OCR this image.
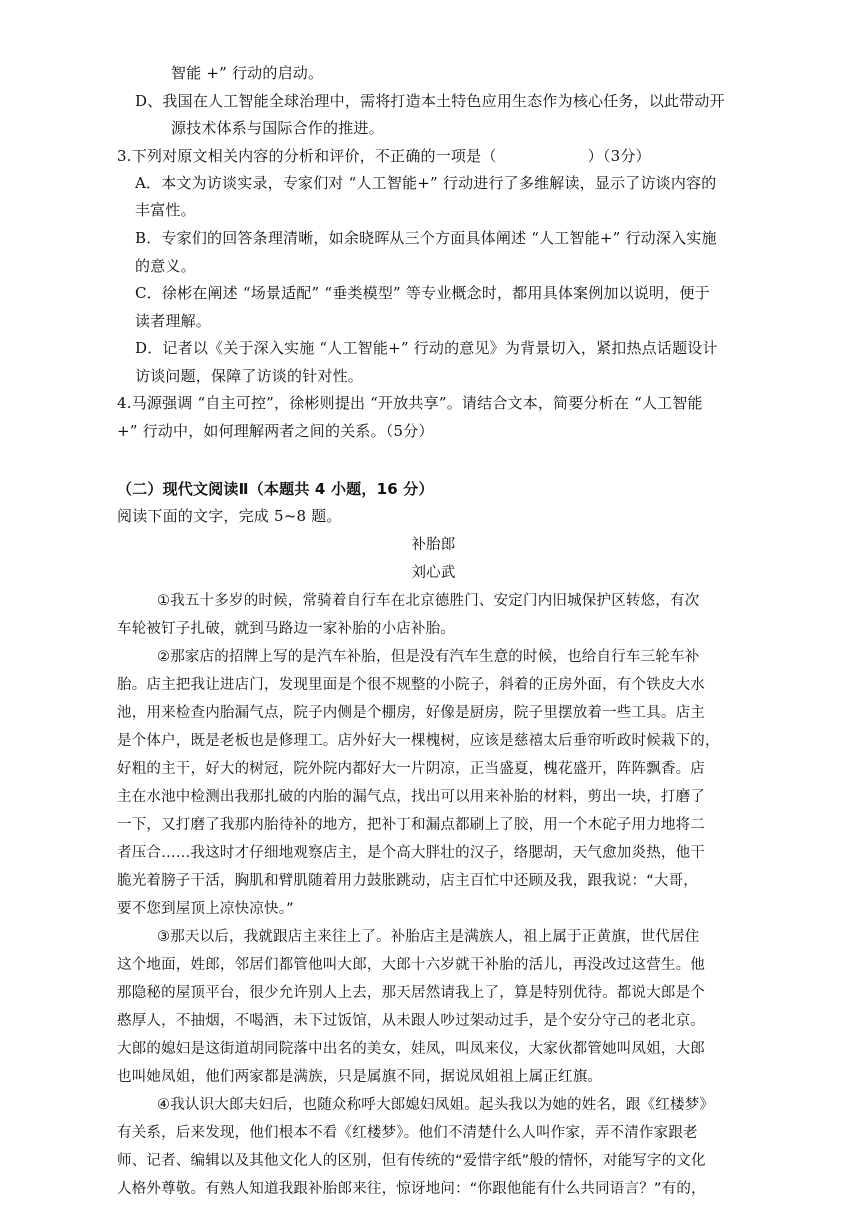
智能 +” 行动的启动。
D、我国在人工智能全球治理中，需将打造本土特色应用生态作为核心任务，以此带动开
源技术体系与国际合作的推进。
3.下列对原文相关内容的分析和评价，不正确的一项是（　　　　　　）（3分）
A．本文为访谈实录，专家们对 “人工智能+” 行动进行了多维解读，显示了访谈内容的
丰富性。
B．专家们的回答条理清晰，如余晓晖从三个方面具体阐述 “人工智能+” 行动深入实施
的意义。
C．徐彬在阐述 “场景适配” “垂类模型” 等专业概念时，都用具体案例加以说明，便于
读者理解。
D．记者以《关于深入实施 “人工智能+” 行动的意见》为背景切入，紧扣热点话题设计
访谈问题，保障了访谈的针对性。
4.马源强调 “自主可控”，徐彬则提出 “开放共享”。请结合文本，简要分析在 “人工智能
+” 行动中，如何理解两者之间的关系。（5分）
（二）现代文阅读Ⅱ（本题共 4 小题，16 分）
阅读下面的文字，完成 5~8 题。
补胎郎
刘心武
①我五十多岁的时候，常骑着自行车在北京德胜门、安定门内旧城保护区转悠，有次
车轮被钉子扎破，就到马路边一家补胎的小店补胎。
②那家店的招牌上写的是汽车补胎，但是没有汽车生意的时候，也给自行车三轮车补
胎。店主把我让进店门，发现里面是个很不规整的小院子，斜着的正房外面，有个铁皮大水
池，用来检查内胎漏气点，院子内侧是个棚房，好像是厨房，院子里摆放着一些工具。店主
是个体户，既是老板也是修理工。店外好大一棵槐树，应该是慈禧太后垂帘听政时候栽下的，
好粗的主干，好大的树冠，院外院内都好大一片阴凉，正当盛夏，槐花盛开，阵阵飘香。店
主在水池中检测出我那扎破的内胎的漏气点，找出可以用来补胎的材料，剪出一块，打磨了
一下，又打磨了我那内胎待补的地方，把补丁和漏点都刷上了胶，用一个木砣子用力地将二
者压合……我这时才仔细地观察店主，是个高大胖壮的汉子，络腮胡，天气愈加炎热，他干
脆光着膀子干活，胸肌和臂肌随着用力鼓胀跳动，店主百忙中还顾及我，跟我说：“大哥，
要不您到屋顶上凉快凉快。”
③那天以后，我就跟店主来往上了。补胎店主是满族人，祖上属于正黄旗，世代居住
这个地面，姓郎，邻居们都管他叫大郎，大郎十六岁就干补胎的活儿，再没改过这营生。他
那隐秘的屋顶平台，很少允许别人上去，那天居然请我上了，算是特别优待。都说大郎是个
憨厚人，不抽烟，不喝酒，未下过饭馆，从未跟人吵过架动过手，是个安分守己的老北京。
大郎的媳妇是这街道胡同院落中出名的美女，娃凤，叫凤来仪，大家伙都管她叫凤姐，大郎
也叫她凤姐，他们两家都是满族，只是属旗不同，据说凤姐祖上属正红旗。
④我认识大郎夫妇后，也随众称呼大郎媳妇凤姐。起头我以为她的姓名，跟《红楼梦》
有关系，后来发现，他们根本不看《红楼梦》。他们不清楚什么人叫作家，弄不清作家跟老
师、记者、编辑以及其他文化人的区别，但有传统的“爱惜字纸”般的情怀，对能写字的文化
人格外尊敬。有熟人知道我跟补胎郎来往，惊讶地问：“你跟他能有什么共同语言？”有的，
